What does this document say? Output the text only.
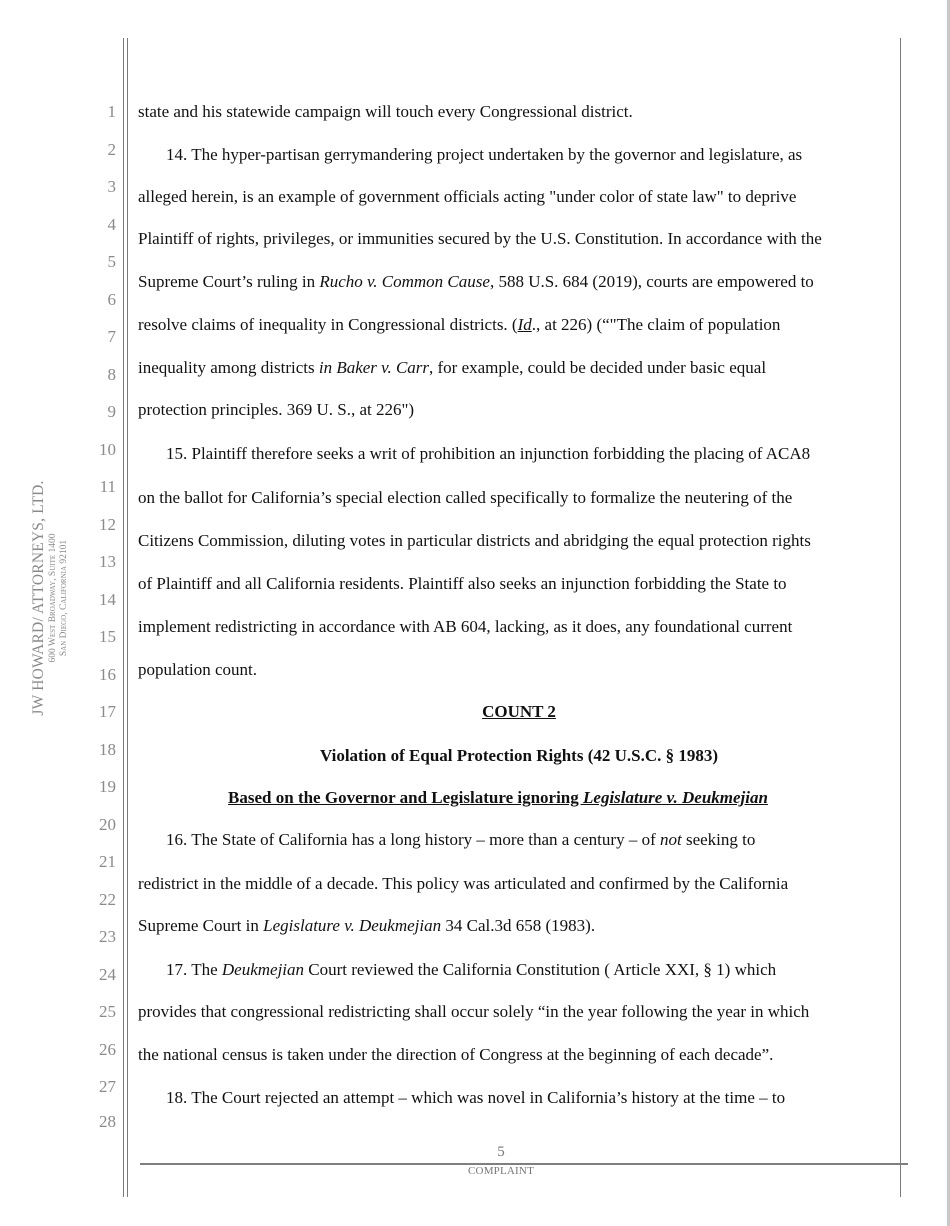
JW HOWARD/ ATTORNEYS, LTD. 600 West Broadway, Suite 1400 San Diego, California 92101
1
2
3
4
5
6
7
8
9
10
11
12
13
14
15
16
17
18
19
20
21
22
23
24
25
26
27
28
state and his statewide campaign will touch every Congressional district.
14. The hyper-partisan gerrymandering project undertaken by the governor and legislature, as
alleged herein, is an example of government officials acting "under color of state law" to deprive
Plaintiff of rights, privileges, or immunities secured by the U.S. Constitution. In accordance with the
Supreme Court’s ruling in Rucho v. Common Cause, 588 U.S. 684 (2019), courts are empowered to
resolve claims of inequality in Congressional districts. (Id., at 226) (“"The claim of population
inequality among districts in Baker v. Carr, for example, could be decided under basic equal
protection principles. 369 U. S., at 226")
15. Plaintiff therefore seeks a writ of prohibition an injunction forbidding the placing of ACA8
on the ballot for California’s special election called specifically to formalize the neutering of the
Citizens Commission, diluting votes in particular districts and abridging the equal protection rights
of Plaintiff and all California residents. Plaintiff also seeks an injunction forbidding the State to
implement redistricting in accordance with AB 604, lacking, as it does, any foundational current
population count.
COUNT 2
Violation of Equal Protection Rights (42 U.S.C. § 1983)
Based on the Governor and Legislature ignoring Legislature v. Deukmejian
16. The State of California has a long history – more than a century – of not seeking to
redistrict in the middle of a decade. This policy was articulated and confirmed by the California
Supreme Court in Legislature v. Deukmejian 34 Cal.3d 658 (1983).
17. The Deukmejian Court reviewed the California Constitution ( Article XXI, § 1) which
provides that congressional redistricting shall occur solely “in the year following the year in which
the national census is taken under the direction of Congress at the beginning of each decade”.
18. The Court rejected an attempt – which was novel in California’s history at the time – to
5
COMPLAINT
